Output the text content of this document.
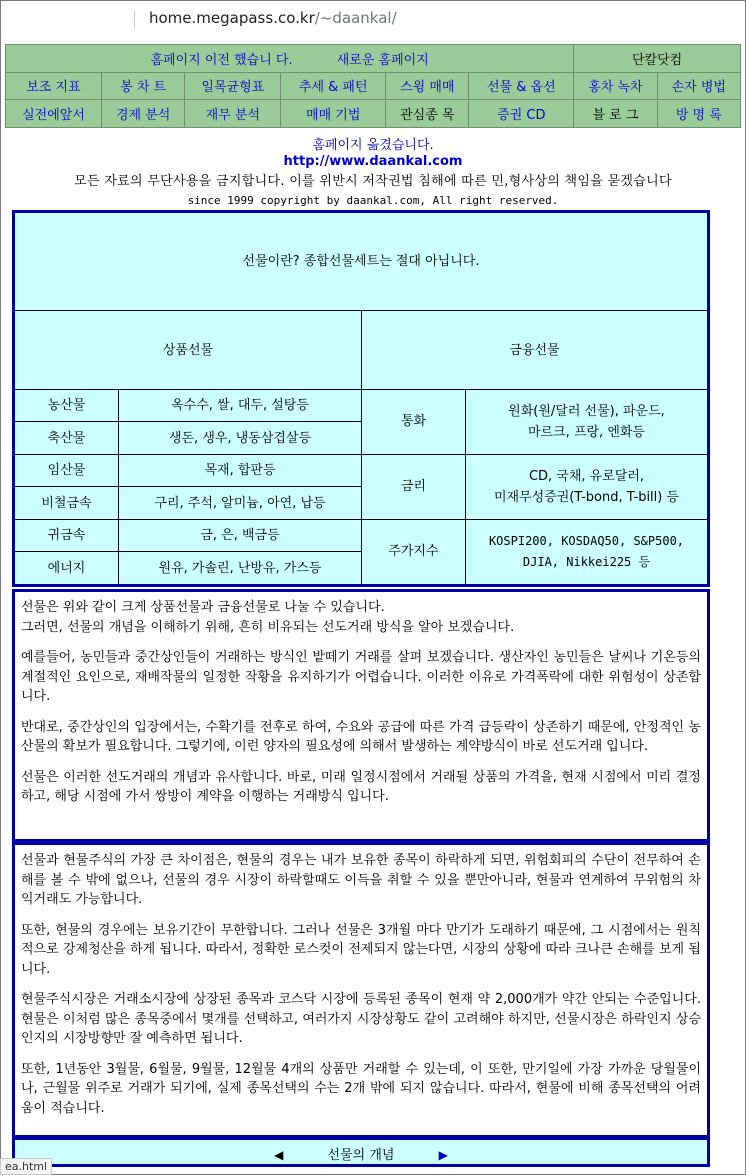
home.megapass.co.kr/~daankal/
홈페이지 이전 했습니 다. 새로운 홈페이지						단칼닷컴	
보조 지표	봉 차 트	일목균형표	추세 & 패턴	스윙 매매	선물 & 옵션	홍차 녹차	손자 병법
실전에앞서	경제 분석	재무 분석	매매 기법	관심종 목	증권 CD	블 로 그	방 명 록
홈페이지 옮겼습니다.
http://www.daankal.com
모든 자료의 무단사용을 금지합니다. 이를 위반시 저작권법 침해에 따른 민,형사상의 책임을 묻겠습니다
since 1999 copyright by daankal.com, All right reserved.
선물이란? 종합선물세트는 절대 아닙니다.			
상품선물		금융선물	
농산물	옥수수, 쌀, 대두, 설탕등	통화	원화(원/달러 선물), 파운드,
마르크, 프랑, 엔화등
축산물	생돈, 생우, 냉동삼겹살등		
임산물	목재, 합판등	금리	CD, 국채, 유로달러,
미재무성증권(T-bond, T-bill) 등
비철금속	구리, 주석, 알미늄, 아연, 납등		
귀금속	금, 은, 백금등	주가지수	KOSPI200, KOSDAQ50, S&P500,
DJIA, Nikkei225 등
에너지	원유, 가솔린, 난방유, 가스등		

선물은 위와 같이 크게 상품선물과 금융선물로 나눌 수 있습니다.
그러면, 선물의 개념을 이해하기 위해, 흔히 비유되는 선도거래 방식을 알아 보겠습니다.

예를들어, 농민들과 중간상인들이 거래하는 방식인 밭떼기 거래를 살펴 보겠습니다. 생산자인 농민들은 날씨나 기온등의 계절적인 요인으로, 재배작물의 일정한 작황을 유지하기가 어렵습니다. 이러한 이유로 가격폭락에 대한 위험성이 상존합니다.

반대로, 중간상인의 입장에서는, 수확기를 전후로 하여, 수요와 공급에 따른 가격 급등락이 상존하기 때문에, 안정적인 농산물의 확보가 필요합니다. 그렇기에, 이런 양자의 필요성에 의해서 발생하는 계약방식이 바로 선도거래 입니다.

선물은 이러한 선도거래의 개념과 유사합니다. 바로, 미래 일정시점에서 거래될 상품의 가격을, 현재 시점에서 미리 결정하고, 해당 시점에 가서 쌍방이 계약을 이행하는 거래방식 입니다.

선물과 현물주식의 가장 큰 차이점은, 현물의 경우는 내가 보유한 종목이 하락하게 되면, 위험회피의 수단이 전무하여 손해를 볼 수 밖에 없으나, 선물의 경우 시장이 하락할때도 이득을 취할 수 있을 뿐만아니라, 현물과 연계하여 무위험의 차익거래도 가능합니다.

또한, 현물의 경우에는 보유기간이 무한합니다. 그러나 선물은 3개월 마다 만기가 도래하기 때문에, 그 시점에서는 원칙적으로 강제청산을 하게 됩니다. 따라서, 정확한 로스컷이 전제되지 않는다면, 시장의 상황에 따라 크나큰 손해를 보게 됩니다.

현물주식시장은 거래소시장에 상장된 종목과 코스닥 시장에 등록된 종목이 현재 약 2,000개가 약간 안되는 수준입니다. 현물은 이처럼 많은 종목중에서 몇개를 선택하고, 여러가지 시장상황도 같이 고려해야 하지만, 선물시장은 하락인지 상승인지의 시장방향만 잘 예측하면 됩니다.

또한, 1년동안 3월물, 6월물, 9월물, 12월물 4개의 상품만 거래할 수 있는데, 이 또한, 만기일에 가장 가까운 당월물이나, 근월물 위주로 거래가 되기에, 실제 종목선택의 수는 2개 밖에 되지 않습니다. 따라서, 현물에 비해 종목선택의 어려움이 적습니다.

◀	선물의 개념	▶
ea.html
